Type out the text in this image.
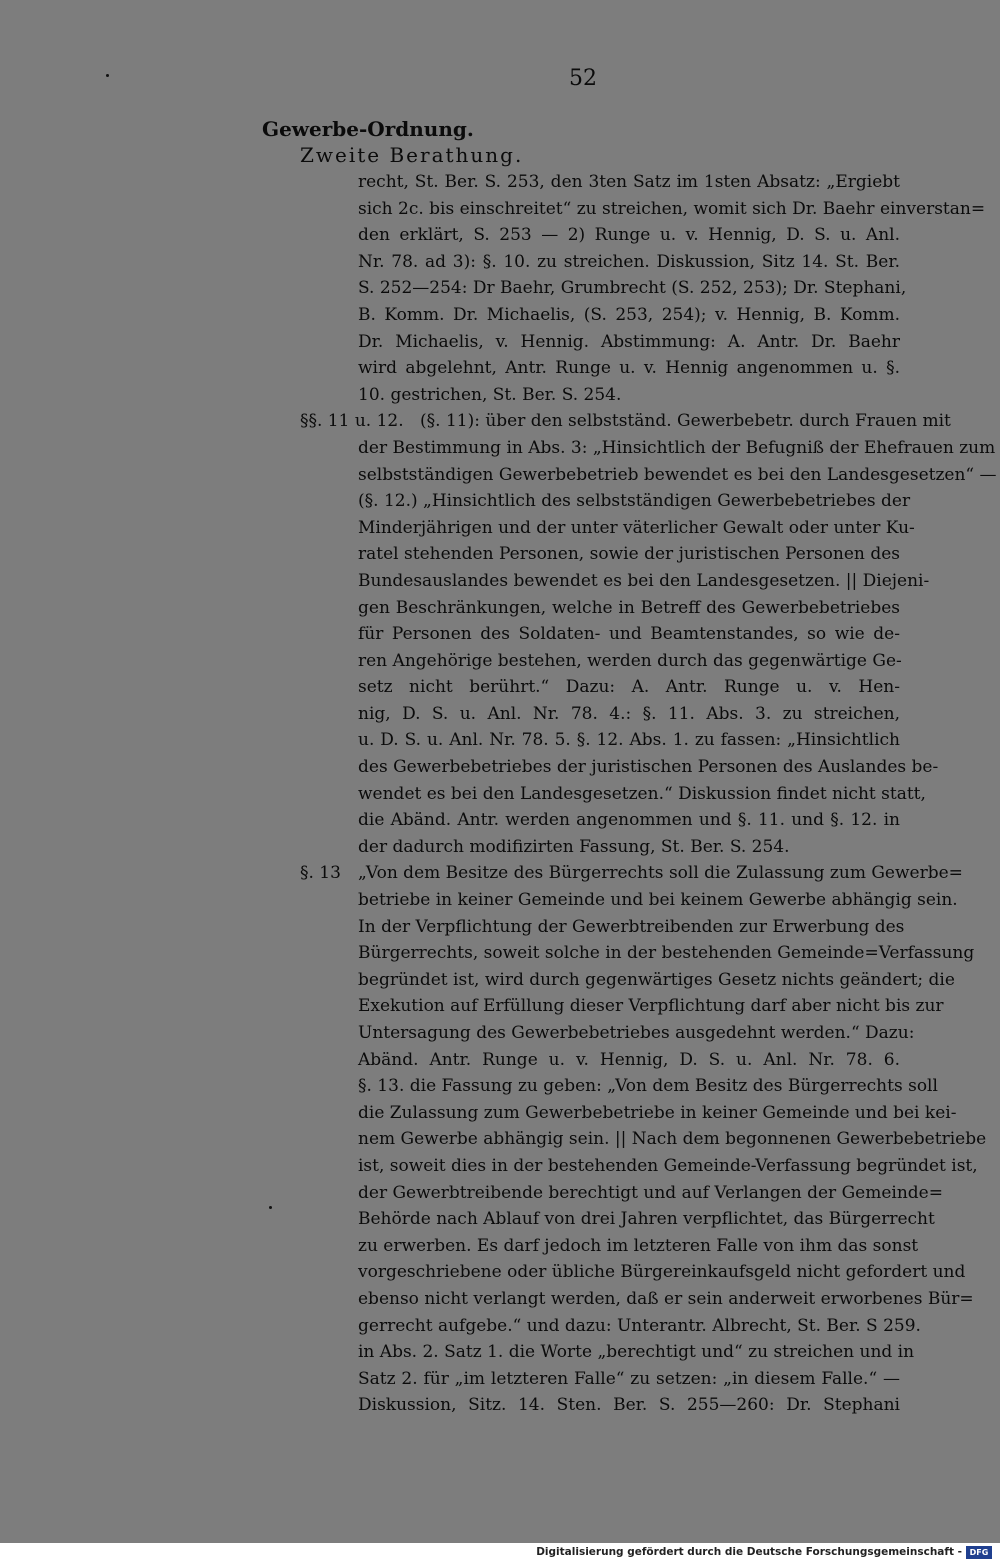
52
Gewerbe-Ordnung.
Zweite Berathung.
recht, St. Ber. S. 253, den 3ten Satz im 1sten Absatz: „Ergiebt
sich 2c. bis einschreitet“ zu streichen, womit sich Dr. Baehr einverstan=
den erklärt, S. 253 — 2) Runge u. v. Hennig, D. S. u. Anl.
Nr. 78. ad 3): §. 10. zu streichen. Diskussion, Sitz 14. St. Ber.
S. 252—254: Dr Baehr, Grumbrecht (S. 252, 253); Dr. Stephani,
B. Komm. Dr. Michaelis, (S. 253, 254); v. Hennig, B. Komm.
Dr. Michaelis, v. Hennig. Abstimmung: A. Antr. Dr. Baehr
wird abgelehnt, Antr. Runge u. v. Hennig angenommen u. §.
10. gestrichen, St. Ber. S. 254.
§§. 11 u. 12. (§. 11): über den selbstständ. Gewerbebetr. durch Frauen mit
der Bestimmung in Abs. 3: „Hinsichtlich der Befugniß der Ehefrauen zum
selbstständigen Gewerbebetrieb bewendet es bei den Landesgesetzen“ —
(§. 12.) „Hinsichtlich des selbstständigen Gewerbebetriebes der
Minderjährigen und der unter väterlicher Gewalt oder unter Ku-
ratel stehenden Personen, sowie der juristischen Personen des
Bundesauslandes bewendet es bei den Landesgesetzen. || Diejeni-
gen Beschränkungen, welche in Betreff des Gewerbebetriebes
für Personen des Soldaten- und Beamtenstandes, so wie de-
ren Angehörige bestehen, werden durch das gegenwärtige Ge-
setz nicht berührt.“ Dazu: A. Antr. Runge u. v. Hen-
nig, D. S. u. Anl. Nr. 78. 4.: §. 11. Abs. 3. zu streichen,
u. D. S. u. Anl. Nr. 78. 5. §. 12. Abs. 1. zu fassen: „Hinsichtlich
des Gewerbebetriebes der juristischen Personen des Auslandes be-
wendet es bei den Landesgesetzen.“ Diskussion findet nicht statt,
die Abänd. Antr. werden angenommen und §. 11. und §. 12. in
der dadurch modifizirten Fassung, St. Ber. S. 254.
§. 13	„Von dem Besitze des Bürgerrechts soll die Zulassung zum Gewerbe=
betriebe in keiner Gemeinde und bei keinem Gewerbe abhängig sein.
In der Verpflichtung der Gewerbtreibenden zur Erwerbung des
Bürgerrechts, soweit solche in der bestehenden Gemeinde=Verfassung
begründet ist, wird durch gegenwärtiges Gesetz nichts geändert; die
Exekution auf Erfüllung dieser Verpflichtung darf aber nicht bis zur
Untersagung des Gewerbebetriebes ausgedehnt werden.“ Dazu:
Abänd. Antr. Runge u. v. Hennig, D. S. u. Anl. Nr. 78. 6.
§. 13. die Fassung zu geben: „Von dem Besitz des Bürgerrechts soll
die Zulassung zum Gewerbebetriebe in keiner Gemeinde und bei kei-
nem Gewerbe abhängig sein. || Nach dem begonnenen Gewerbebetriebe
ist, soweit dies in der bestehenden Gemeinde-Verfassung begründet ist,
der Gewerbtreibende berechtigt und auf Verlangen der Gemeinde=
Behörde nach Ablauf von drei Jahren verpflichtet, das Bürgerrecht
zu erwerben. Es darf jedoch im letzteren Falle von ihm das sonst
vorgeschriebene oder übliche Bürgereinkaufsgeld nicht gefordert und
ebenso nicht verlangt werden, daß er sein anderweit erworbenes Bür=
gerrecht aufgebe.“ und dazu: Unterantr. Albrecht, St. Ber. S 259.
in Abs. 2. Satz 1. die Worte „berechtigt und“ zu streichen und in
Satz 2. für „im letzteren Falle“ zu setzen: „in diesem Falle.“ —
Diskussion, Sitz. 14. Sten. Ber. S. 255—260: Dr. Stephani
Digitalisierung gefördert durch die Deutsche Forschungsgemeinschaft - DFG
